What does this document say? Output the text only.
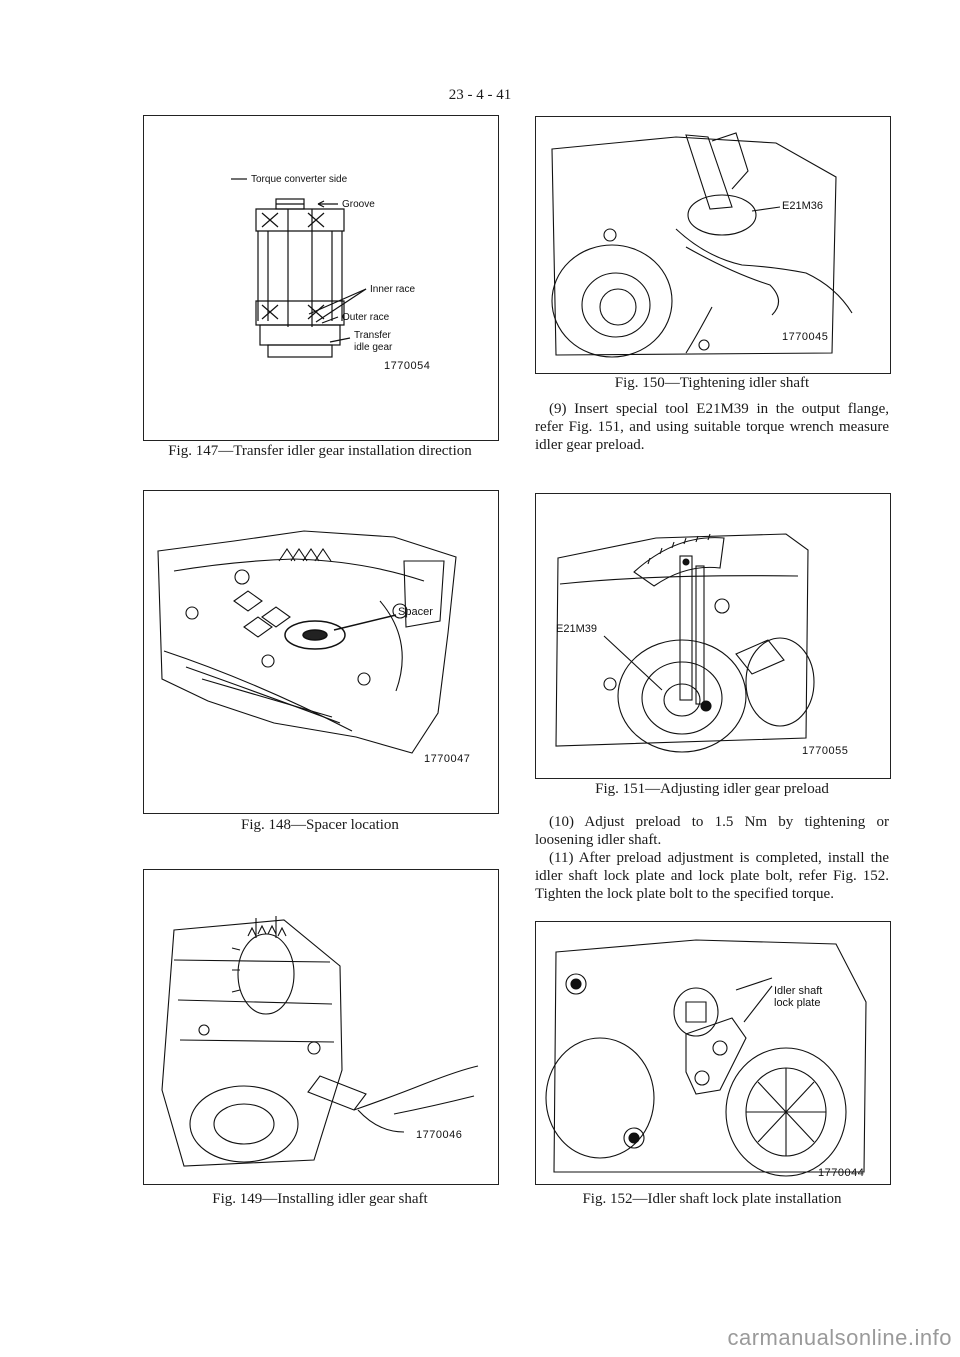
23 - 4 - 41
Torque converter side
Groove
Inner race
Outer race
Transfer
idle gear
1770054
Fig. 147—Transfer idler gear installation direction
Spacer
1770047
Fig. 148—Spacer location
1770046
Fig. 149—Installing idler gear shaft
E21M36
1770045
Fig. 150—Tightening idler shaft

(9) Insert special tool E21M39 in the output flange, refer Fig. 151, and using suitable torque wrench measure idler gear preload.

E21M39
1770055
Fig. 151—Adjusting idler gear preload

(10) Adjust preload to 1.5 Nm by tightening or loosening idler shaft.

(11) After preload adjustment is completed, install the idler shaft lock plate and lock plate bolt, refer Fig. 152. Tighten the lock plate bolt to the specified torque.

Idler shaft
lock plate
1770044
Fig. 152—Idler shaft lock plate installation
carmanualsonline.info
